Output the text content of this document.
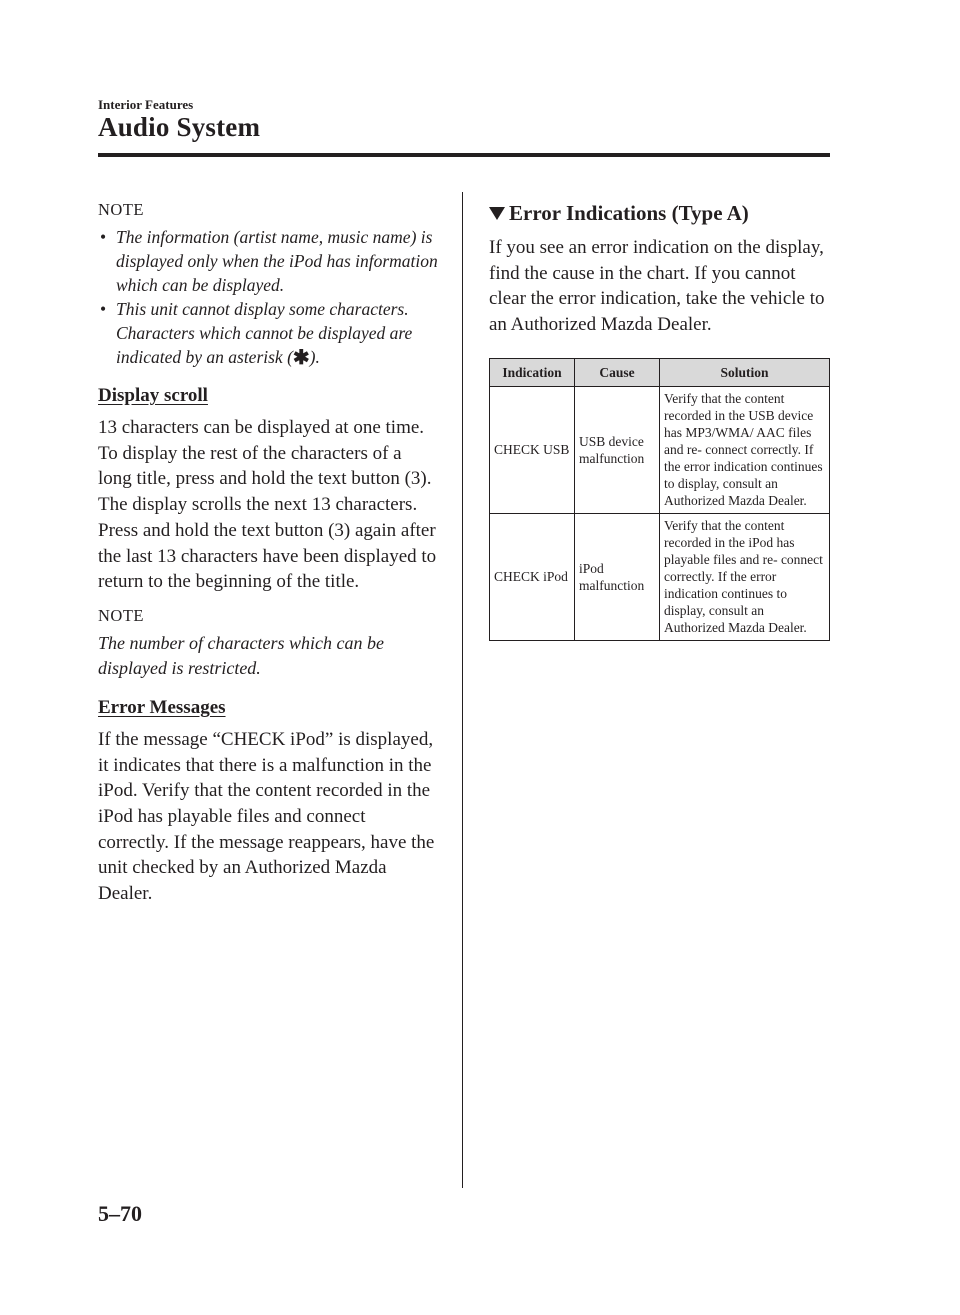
Interior Features
Audio System

NOTE

• The information (artist name, music name) is displayed only when the iPod has information which can be displayed.
• This unit cannot display some characters. Characters which cannot be displayed are indicated by an asterisk (✱).

Display scroll

13 characters can be displayed at one time. To display the rest of the characters of a long title, press and hold the text button (3). The display scrolls the next 13 characters. Press and hold the text button (3) again after the last 13 characters have been displayed to return to the beginning of the title.

NOTE

The number of characters which can be displayed is restricted.

Error Messages

If the message “CHECK iPod” is displayed, it indicates that there is a malfunction in the iPod. Verify that the content recorded in the iPod has playable files and connect correctly. If the message reappears, have the unit checked by an Authorized Mazda Dealer.

Error Indications (Type A)

If you see an error indication on the display, find the cause in the chart. If you cannot clear the error indication, take the vehicle to an Authorized Mazda Dealer.

Indication	Cause	Solution
CHECK USB	USB device malfunction	Verify that the content recorded in the USB device has MP3/WMA/ AAC files and re- connect correctly. If the error indication continues to display, consult an Authorized Mazda Dealer.
CHECK iPod	iPod malfunction	Verify that the content recorded in the iPod has playable files and re- connect correctly. If the error indication continues to display, consult an Authorized Mazda Dealer.
5–70
